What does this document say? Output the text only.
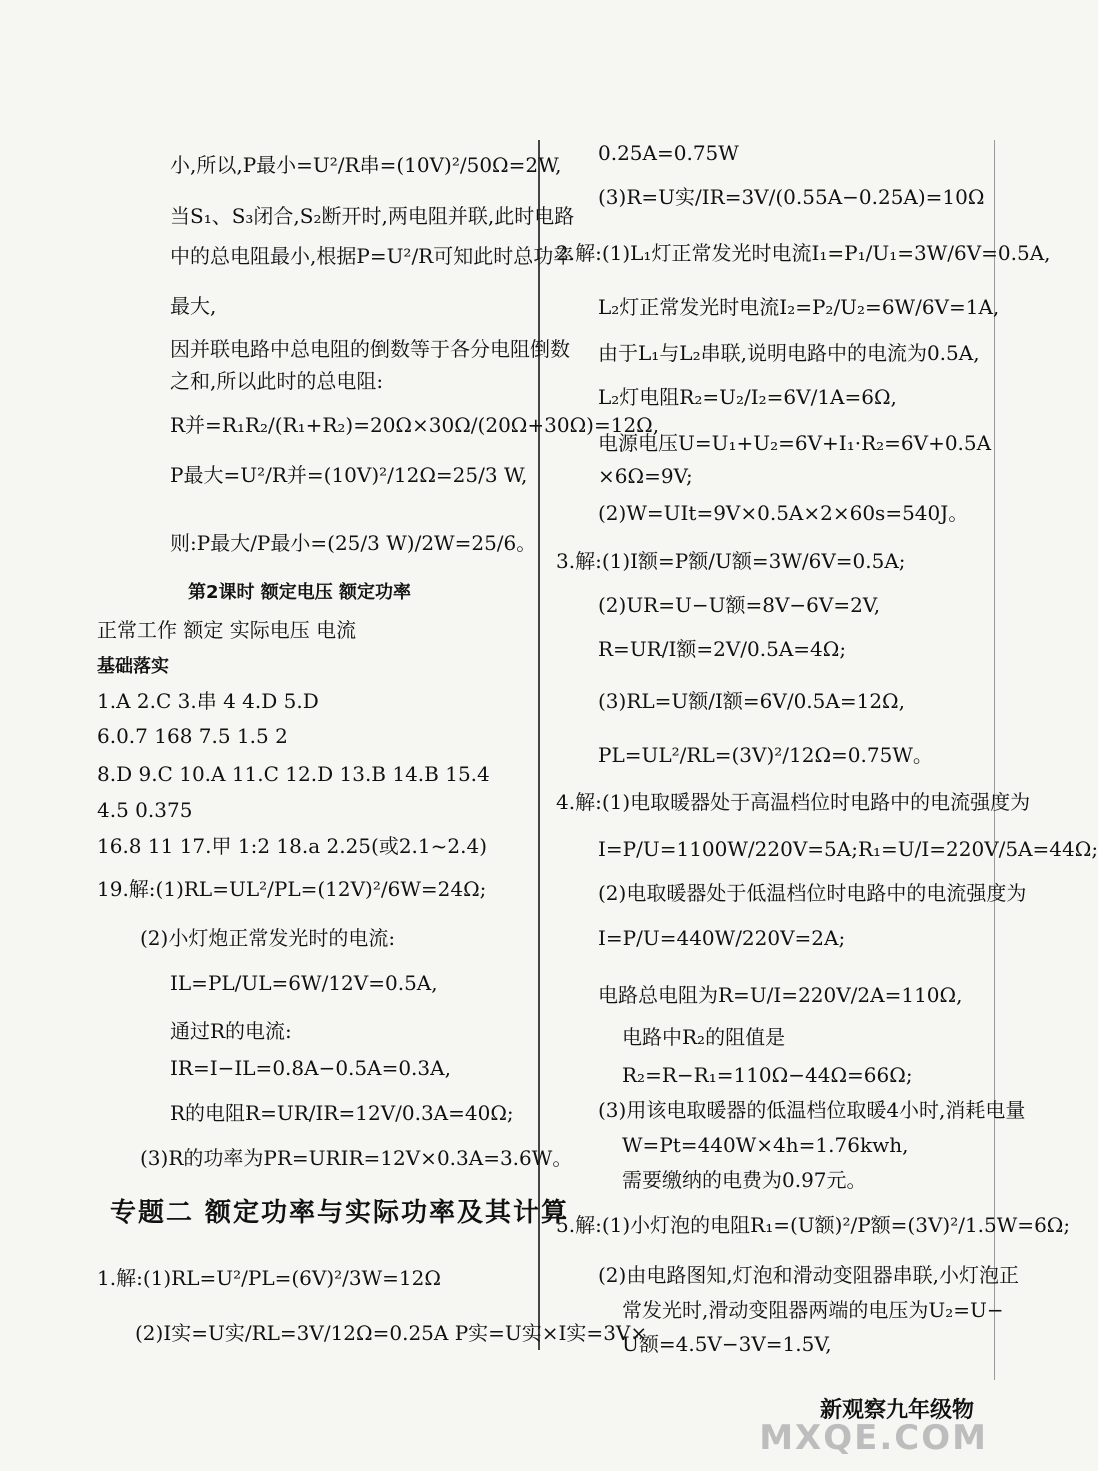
小,所以,P最小=U²/R串=(10V)²/50Ω=2W,
当S₁、S₃闭合,S₂断开时,两电阻并联,此时电路
中的总电阻最小,根据P=U²/R可知此时总功率
最大,
因并联电路中总电阻的倒数等于各分电阻倒数
之和,所以此时的总电阻:
R并=R₁R₂/(R₁+R₂)=20Ω×30Ω/(20Ω+30Ω)=12Ω,
P最大=U²/R并=(10V)²/12Ω=25/3 W,
则:P最大/P最小=(25/3 W)/2W=25/6。
第2课时 额定电压 额定功率
正常工作 额定 实际电压 电流
基础落实
1.A 2.C 3.串 4 4.D 5.D
6.0.7 168 7.5 1.5 2
8.D 9.C 10.A 11.C 12.D 13.B 14.B 15.4
4.5 0.375
16.8 11 17.甲 1:2 18.a 2.25(或2.1~2.4)
19.解:(1)RL=UL²/PL=(12V)²/6W=24Ω;
(2)小灯炮正常发光时的电流:
IL=PL/UL=6W/12V=0.5A,
通过R的电流:
IR=I−IL=0.8A−0.5A=0.3A,
R的电阻R=UR/IR=12V/0.3A=40Ω;
(3)R的功率为PR=URIR=12V×0.3A=3.6W。
专题二 额定功率与实际功率及其计算
1.解:(1)RL=U²/PL=(6V)²/3W=12Ω
(2)I实=U实/RL=3V/12Ω=0.25A P实=U实×I实=3V×
0.25A=0.75W
(3)R=U实/IR=3V/(0.55A−0.25A)=10Ω
2.解:(1)L₁灯正常发光时电流I₁=P₁/U₁=3W/6V=0.5A,
L₂灯正常发光时电流I₂=P₂/U₂=6W/6V=1A,
由于L₁与L₂串联,说明电路中的电流为0.5A,
L₂灯电阻R₂=U₂/I₂=6V/1A=6Ω,
电源电压U=U₁+U₂=6V+I₁·R₂=6V+0.5A
×6Ω=9V;
(2)W=UIt=9V×0.5A×2×60s=540J。
3.解:(1)I额=P额/U额=3W/6V=0.5A;
(2)UR=U−U额=8V−6V=2V,
R=UR/I额=2V/0.5A=4Ω;
(3)RL=U额/I额=6V/0.5A=12Ω,
PL=UL²/RL=(3V)²/12Ω=0.75W。
4.解:(1)电取暖器处于高温档位时电路中的电流强度为
I=P/U=1100W/220V=5A;R₁=U/I=220V/5A=44Ω;
(2)电取暖器处于低温档位时电路中的电流强度为
I=P/U=440W/220V=2A;
电路总电阻为R=U/I=220V/2A=110Ω,
电路中R₂的阻值是
R₂=R−R₁=110Ω−44Ω=66Ω;
(3)用该电取暖器的低温档位取暖4小时,消耗电量
W=Pt=440W×4h=1.76kwh,
需要缴纳的电费为0.97元。
5.解:(1)小灯泡的电阻R₁=(U额)²/P额=(3V)²/1.5W=6Ω;
(2)由电路图知,灯泡和滑动变阻器串联,小灯泡正
常发光时,滑动变阻器两端的电压为U₂=U−
U额=4.5V−3V=1.5V,
新观察九年级物
MXQE.COM
